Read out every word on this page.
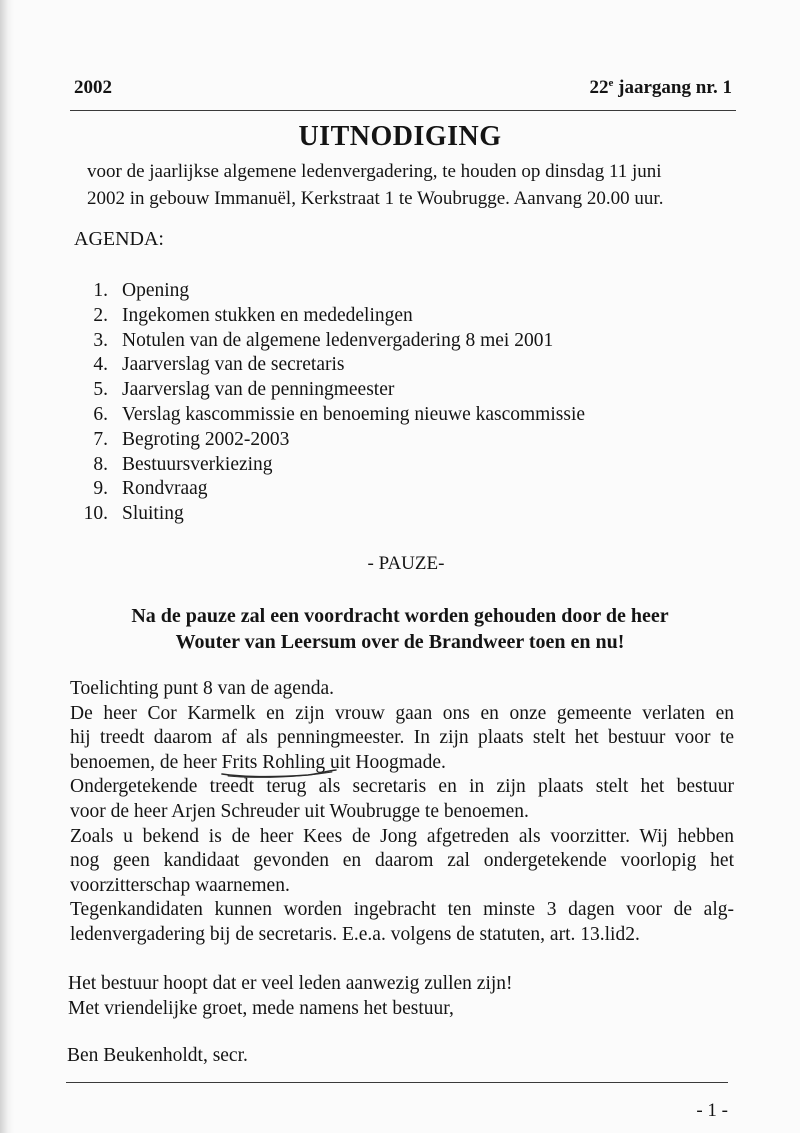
2002	22e jaargang nr. 1
UITNODIGING
voor de jaarlijkse algemene ledenvergadering, te houden op dinsdag 11 juni
2002 in gebouw Immanuël, Kerkstraat 1 te Woubrugge. Aanvang 20.00 uur.
AGENDA:
1. Opening
2. Ingekomen stukken en mededelingen
3. Notulen van de algemene ledenvergadering 8 mei 2001
4. Jaarverslag van de secretaris
5. Jaarverslag van de penningmeester
6. Verslag kascommissie en benoeming nieuwe kascommissie
7. Begroting 2002-2003
8. Bestuursverkiezing
9. Rondvraag
10. Sluiting
- PAUZE-
Na de pauze zal een voordracht worden gehouden door de heer
Wouter van Leersum over de Brandweer toen en nu!
Toelichting punt 8 van de agenda.
De heer Cor Karmelk en zijn vrouw gaan ons en onze gemeente verlaten en
hij treedt daarom af als penningmeester. In zijn plaats stelt het bestuur voor te
benoemen, de heer Frits Rohling
uit Hoogmade.
Ondergetekende treedt terug als secretaris en in zijn plaats stelt het bestuur
voor de heer Arjen Schreuder uit Woubrugge te benoemen.
Zoals u bekend is de heer Kees de Jong afgetreden als voorzitter. Wij hebben
nog geen kandidaat gevonden en daarom zal ondergetekende voorlopig het
voorzitterschap waarnemen.
Tegenkandidaten kunnen worden ingebracht ten minste 3 dagen voor de alg-
ledenvergadering bij de secretaris. E.e.a. volgens de statuten, art. 13.lid2.
Het bestuur hoopt dat er veel leden aanwezig zullen zijn!
Met vriendelijke groet, mede namens het bestuur,
Ben Beukenholdt, secr.
- 1 -
